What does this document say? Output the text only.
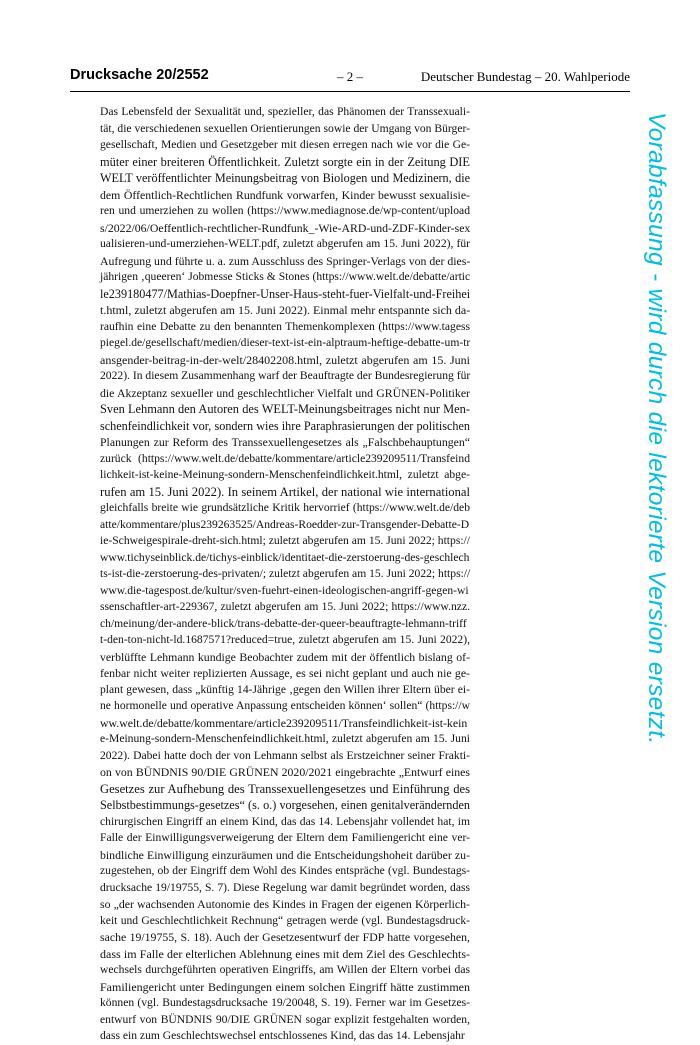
Drucksache 20/2552	– 2 –	Deutscher Bundestag – 20. Wahlperiode
Das Lebensfeld der Sexualität und, spezieller, das Phänomen der Transsexuali-
tät, die verschiedenen sexuellen Orientierungen sowie der Umgang von Bürger-
gesellschaft, Medien und Gesetzgeber mit diesen erregen nach wie vor die Ge-
müter einer breiteren Öffentlichkeit. Zuletzt sorgte ein in der Zeitung DIE
WELT veröffentlichter Meinungsbeitrag von Biologen und Medizinern, die
dem Öffentlich-Rechtlichen Rundfunk vorwarfen, Kinder bewusst sexualisie-
ren und umerziehen zu wollen (https://www.mediagnose.de/wp-content/upload
s/2022/06/Oeffentlich-rechtlicher-Rundfunk_-Wie-ARD-und-ZDF-Kinder-sex
ualisieren-und-umerziehen-WELT.pdf, zuletzt abgerufen am 15. Juni 2022), für
Aufregung und führte u. a. zum Ausschluss des Springer-Verlags von der dies-
jährigen ‚queeren‘ Jobmesse Sticks & Stones (https://www.welt.de/debatte/artic
le239180477/Mathias-Doepfner-Unser-Haus-steht-fuer-Vielfalt-und-Freihei
t.html, zuletzt abgerufen am 15. Juni 2022). Einmal mehr entspannte sich da-
raufhin eine Debatte zu den benannten Themenkomplexen (https://www.tagess
piegel.de/gesellschaft/medien/dieser-text-ist-ein-alptraum-heftige-debatte-um-tr
ansgender-beitrag-in-der-welt/28402208.html, zuletzt abgerufen am 15. Juni
2022). In diesem Zusammenhang warf der Beauftragte der Bundesregierung für
die Akzeptanz sexueller und geschlechtlicher Vielfalt und GRÜNEN-Politiker
Sven Lehmann den Autoren des WELT-Meinungsbeitrages nicht nur Men-
schenfeindlichkeit vor, sondern wies ihre Paraphrasierungen der politischen
Planungen zur Reform des Transsexuellengesetzes als „Falschbehauptungen“
zurück (https://www.welt.de/debatte/kommentare/article239209511/Transfeind
lichkeit-ist-keine-Meinung-sondern-Menschenfeindlichkeit.html, zuletzt abge-
rufen am 15. Juni 2022). In seinem Artikel, der national wie international
gleichfalls breite wie grundsätzliche Kritik hervorrief (https://www.welt.de/deb
atte/kommentare/plus239263525/Andreas-Roedder-zur-Transgender-Debatte-D
ie-Schweigespirale-dreht-sich.html; zuletzt abgerufen am 15. Juni 2022; https://
www.tichyseinblick.de/tichys-einblick/identitaet-die-zerstoerung-des-geschlech
ts-ist-die-zerstoerung-des-privaten/; zuletzt abgerufen am 15. Juni 2022; https://
www.die-tagespost.de/kultur/sven-fuehrt-einen-ideologischen-angriff-gegen-wi
ssenschaftler-art-229367, zuletzt abgerufen am 15. Juni 2022; https://www.nzz.
ch/meinung/der-andere-blick/trans-debatte-der-queer-beauftragte-lehmann-triff
t-den-ton-nicht-ld.1687571?reduced=true, zuletzt abgerufen am 15. Juni 2022),
verblüffte Lehmann kundige Beobachter zudem mit der öffentlich bislang of-
fenbar nicht weiter replizierten Aussage, es sei nicht geplant und auch nie ge-
plant gewesen, dass „künftig 14-Jährige ‚gegen den Willen ihrer Eltern über ei-
ne hormonelle und operative Anpassung entscheiden können‘ sollen“ (https://w
ww.welt.de/debatte/kommentare/article239209511/Transfeindlichkeit-ist-kein
e-Meinung-sondern-Menschenfeindlichkeit.html, zuletzt abgerufen am 15. Juni
2022). Dabei hatte doch der von Lehmann selbst als Erstzeichner seiner Frakti-
on von BÜNDNIS 90/DIE GRÜNEN 2020/2021 eingebrachte „Entwurf eines
Gesetzes zur Aufhebung des Transsexuellengesetzes und Einführung des
Selbstbestimmungs-gesetzes“ (s. o.) vorgesehen, einen genitalverändernden
chirurgischen Eingriff an einem Kind, das das 14. Lebensjahr vollendet hat, im
Falle der Einwilligungsverweigerung der Eltern dem Familiengericht eine ver-
bindliche Einwilligung einzuräumen und die Entscheidungshoheit darüber zu-
zugestehen, ob der Eingriff dem Wohl des Kindes entspräche (vgl. Bundestags-
drucksache 19/19755, S. 7). Diese Regelung war damit begründet worden, dass
so „der wachsenden Autonomie des Kindes in Fragen der eigenen Körperlich-
keit und Geschlechtlichkeit Rechnung“ getragen werde (vgl. Bundestagsdruck-
sache 19/19755, S. 18). Auch der Gesetzesentwurf der FDP hatte vorgesehen,
dass im Falle der elterlichen Ablehnung eines mit dem Ziel des Geschlechts-
wechsels durchgeführten operativen Eingriffs, am Willen der Eltern vorbei das
Familiengericht unter Bedingungen einem solchen Eingriff hätte zustimmen
können (vgl. Bundestagsdrucksache 19/20048, S. 19). Ferner war im Gesetzes-
entwurf von BÜNDNIS 90/DIE GRÜNEN sogar explizit festgehalten worden,
dass ein zum Geschlechtswechsel entschlossenes Kind, das das 14. Lebensjahr
Vorabfassung - wird durch die lektorierte Version ersetzt.
